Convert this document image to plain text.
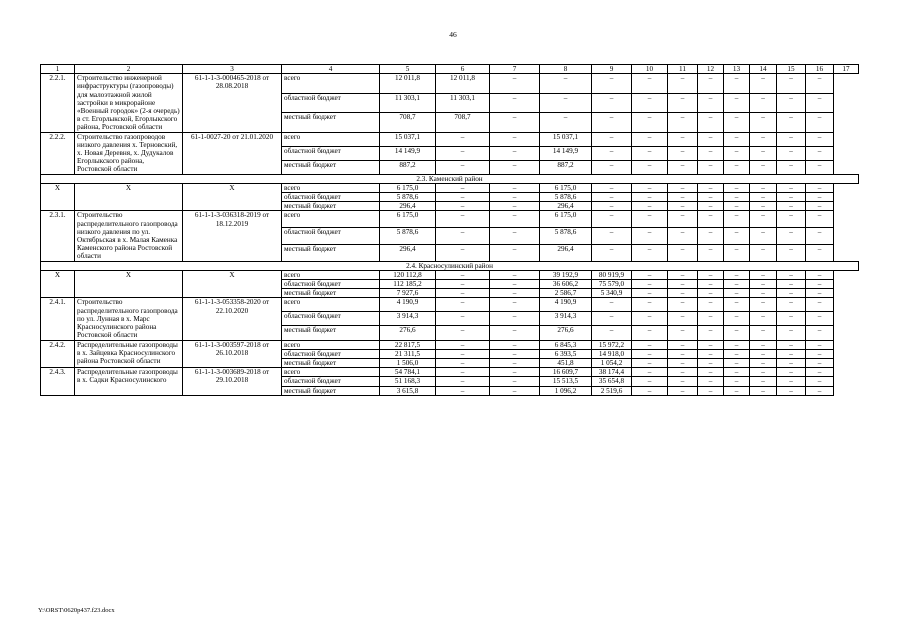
46
1	2	3	4	5	6	7	8	9	10	11	12	13	14	15	16	17
2.2.1.	Строительство инженерной инфраструктуры (газопроводы) для малоэтажной жилой застройки в микрорайоне «Военный городок» (2-я очередь) в ст. Егорлыкской, Егорлыкского района, Ростовской области	61-1-1-3-000465-2018 от 28.08.2018	всего	12 011,8	12 011,8	–	–	–	–	–	–	–	–	–	–	
			областной бюджет	11 303,1	11 303,1	–	–	–	–	–	–	–	–	–	–	
			местный бюджет	708,7	708,7	–	–	–	–	–	–	–	–	–	–	
2.2.2.	Строительство газопроводов низкого давления х. Терновский, х. Новая Деревня, х. Дудукалов Егорлыкского района, Ростовской области	61-1-0027-20 от 21.01.2020	всего	15 037,1	–	–	15 037,1	–	–	–	–	–	–	–	–	
			областной бюджет	14 149,9	–	–	14 149,9	–	–	–	–	–	–	–	–	
			местный бюджет	887,2	–	–	887,2	–	–	–	–	–	–	–	–	
2.3. Каменский район																
X	X	X	всего	6 175,0	–	–	6 175,0	–	–	–	–	–	–	–	–	
			областной бюджет	5 878,6	–	–	5 878,6	–	–	–	–	–	–	–	–	
			местный бюджет	296,4	–	–	296,4	–	–	–	–	–	–	–	–	
2.3.1.	Строительство распределительного газопровода низкого давления по ул. Октябрьская в х. Малая Каменка Каменского района Ростовской области	61-1-1-3-036318-2019 от 18.12.2019	всего	6 175,0	–	–	6 175,0	–	–	–	–	–	–	–	–	
			областной бюджет	5 878,6	–	–	5 878,6	–	–	–	–	–	–	–	–	
			местный бюджет	296,4	–	–	296,4	–	–	–	–	–	–	–	–	
2.4. Красносулинский район																
X	X	X	всего	120 112,8	–	–	39 192,9	80 919,9	–	–	–	–	–	–	–	
			областной бюджет	112 185,2	–	–	36 606,2	75 579,0	–	–	–	–	–	–	–	
			местный бюджет	7 927,6	–	–	2 586,7	5 340,9	–	–	–	–	–	–	–	
2.4.1.	Строительство распределительного газопровода по ул. Лунная в х. Марс Красносулинского района Ростовской области	61-1-1-3-053358-2020 от 22.10.2020	всего	4 190,9	–	–	4 190,9	–	–	–	–	–	–	–	–	
			областной бюджет	3 914,3	–	–	3 914,3	–	–	–	–	–	–	–	–	
			местный бюджет	276,6	–	–	276,6	–	–	–	–	–	–	–	–	
2.4.2.	Распределительные газопроводы в х. Зайцевка Красносулинского района Ростовской области	61-1-1-3-003597-2018 от 26.10.2018	всего	22 817,5	–	–	6 845,3	15 972,2	–	–	–	–	–	–	–	
			областной бюджет	21 311,5	–	–	6 393,5	14 918,0	–	–	–	–	–	–	–	
			местный бюджет	1 506,0	–	–	451,8	1 054,2	–	–	–	–	–	–	–	
2.4.3.	Распределительные газопроводы в х. Садки Красносулинского	61-1-1-3-003689-2018 от 29.10.2018	всего	54 784,1	–	–	16 609,7	38 174,4	–	–	–	–	–	–	–	
			областной бюджет	51 168,3	–	–	15 513,5	35 654,8	–	–	–	–	–	–	–	
			местный бюджет	3 615,8	–	–	1 096,2	2 519,6	–	–	–	–	–	–	–	
Y:\ORST\0620p437.f23.docx
